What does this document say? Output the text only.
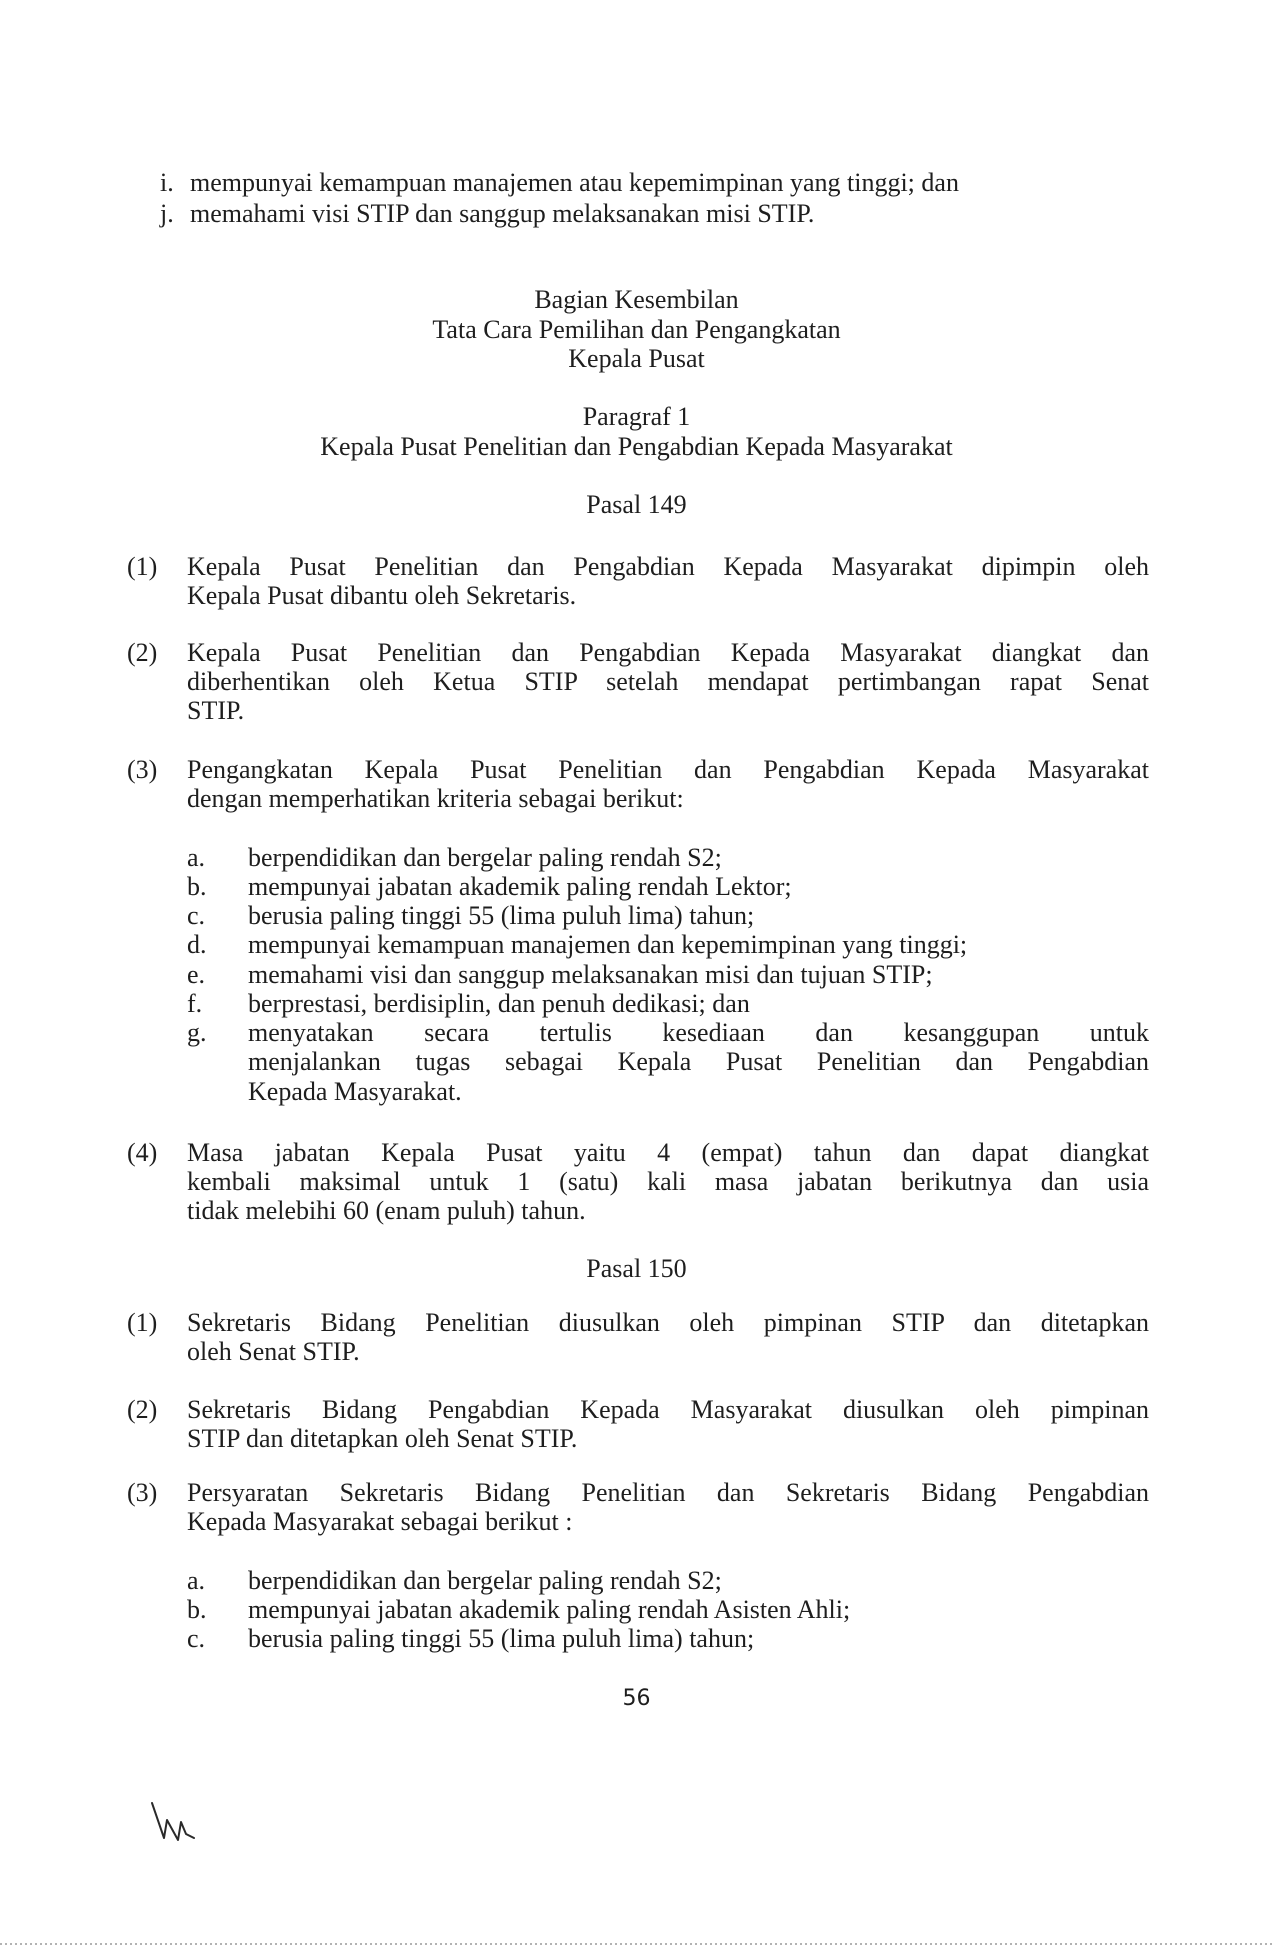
i. mempunyai kemampuan manajemen atau kepemimpinan yang tinggi; dan
j. memahami visi STIP dan sanggup melaksanakan misi STIP.
Bagian Kesembilan
Tata Cara Pemilihan dan Pengangkatan
Kepala Pusat
Paragraf 1
Kepala Pusat Penelitian dan Pengabdian Kepada Masyarakat
Pasal 149
(1) Kepala Pusat Penelitian dan Pengabdian Kepada Masyarakat dipimpin oleh
Kepala Pusat dibantu oleh Sekretaris.
(2) Kepala Pusat Penelitian dan Pengabdian Kepada Masyarakat diangkat dan
diberhentikan oleh Ketua STIP setelah mendapat pertimbangan rapat Senat
STIP.
(3) Pengangkatan Kepala Pusat Penelitian dan Pengabdian Kepada Masyarakat
dengan memperhatikan kriteria sebagai berikut:
a. berpendidikan dan bergelar paling rendah S2;
b. mempunyai jabatan akademik paling rendah Lektor;
c. berusia paling tinggi 55 (lima puluh lima) tahun;
d. mempunyai kemampuan manajemen dan kepemimpinan yang tinggi;
e. memahami visi dan sanggup melaksanakan misi dan tujuan STIP;
f. berprestasi, berdisiplin, dan penuh dedikasi; dan
g. menyatakan secara tertulis kesediaan dan kesanggupan untuk
menjalankan tugas sebagai Kepala Pusat Penelitian dan Pengabdian
Kepada Masyarakat.
(4) Masa jabatan Kepala Pusat yaitu 4 (empat) tahun dan dapat diangkat
kembali maksimal untuk 1 (satu) kali masa jabatan berikutnya dan usia
tidak melebihi 60 (enam puluh) tahun.
Pasal 150
(1) Sekretaris Bidang Penelitian diusulkan oleh pimpinan STIP dan ditetapkan
oleh Senat STIP.
(2) Sekretaris Bidang Pengabdian Kepada Masyarakat diusulkan oleh pimpinan
STIP dan ditetapkan oleh Senat STIP.
(3) Persyaratan Sekretaris Bidang Penelitian dan Sekretaris Bidang Pengabdian
Kepada Masyarakat sebagai berikut :
a. berpendidikan dan bergelar paling rendah S2;
b. mempunyai jabatan akademik paling rendah Asisten Ahli;
c. berusia paling tinggi 55 (lima puluh lima) tahun;
56
